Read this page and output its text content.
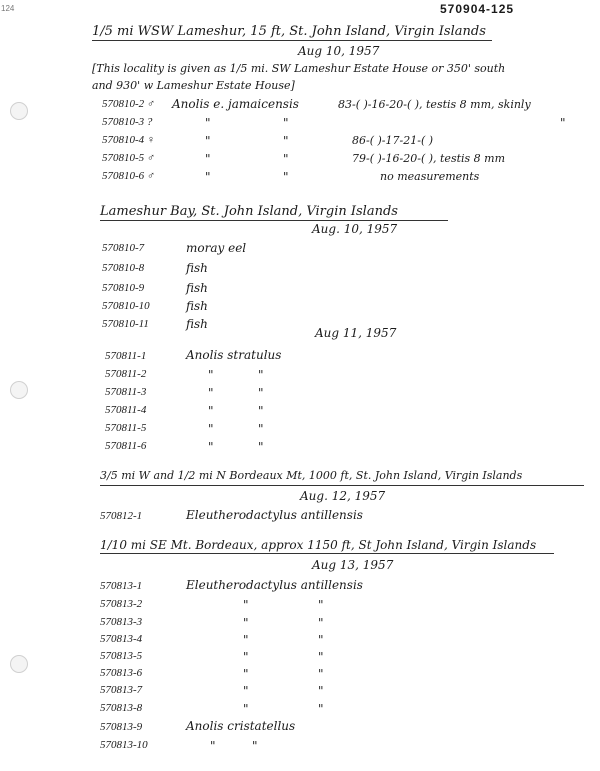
570904-125
124
1/5 mi WSW Lameshur, 15 ft, St. John Island, Virgin Islands
Aug 10, 1957
[This locality is given as 1/5 mi. SW Lameshur Estate House or 350' south
and 930' w Lameshur Estate House]
570810-2 ♂ Anolis e. jamaicensis	83-( )-16-20-( ), testis 8 mm, skinly
570810-3 ?	"	"	"
570810-4 ♀	"	"	86-( )-17-21-( )
570810-5 ♂	"	"	79-( )-16-20-( ), testis 8 mm
570810-6 ♂	"	"	no measurements
Lameshur Bay, St. John Island, Virgin Islands
Aug. 10, 1957
570810-7	moray eel
570810-8	fish
570810-9	fish
570810-10	fish
570810-11	fish
Aug 11, 1957
570811-1	Anolis stratulus
570811-2	"	"
570811-3	"	"
570811-4	"	"
570811-5	"	"
570811-6	"	"
3/5 mi W and 1/2 mi N Bordeaux Mt, 1000 ft, St. John Island, Virgin Islands
Aug. 12, 1957
570812-1	Eleutherodactylus antillensis
1/10 mi SE Mt. Bordeaux, approx 1150 ft, St John Island, Virgin Islands
Aug 13, 1957
570813-1	Eleutherodactylus antillensis
570813-2	"	"
570813-3	"	"
570813-4	"	"
570813-5	"	"
570813-6	"	"
570813-7	"	"
570813-8	"	"
570813-9	Anolis cristatellus
570813-10	"	"
